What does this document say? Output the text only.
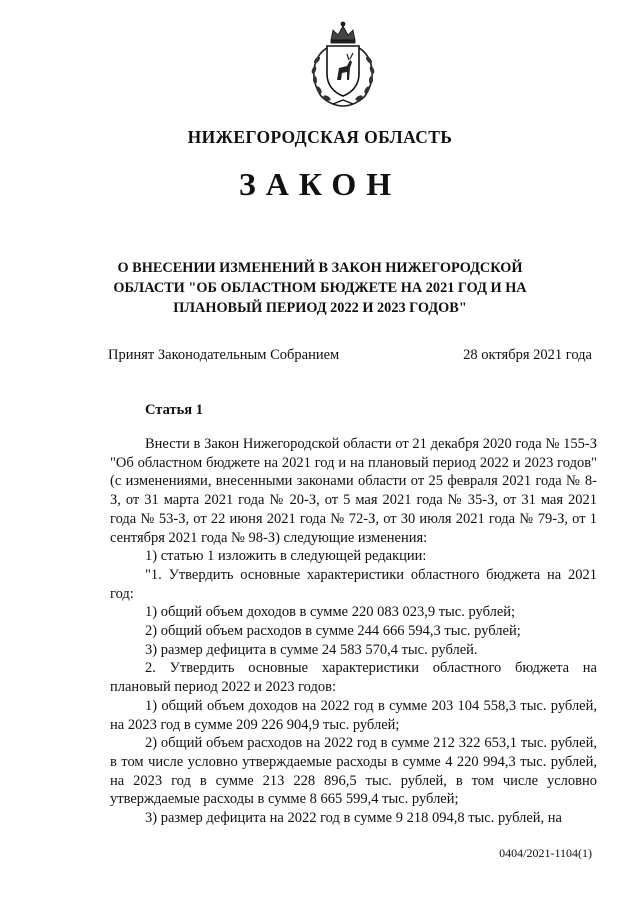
НИЖЕГОРОДСКАЯ ОБЛАСТЬ
ЗАКОН
О ВНЕСЕНИИ ИЗМЕНЕНИЙ В ЗАКОН НИЖЕГОРОДСКОЙ ОБЛАСТИ "ОБ ОБЛАСТНОМ БЮДЖЕТЕ НА 2021 ГОД И НА ПЛАНОВЫЙ ПЕРИОД 2022 И 2023 ГОДОВ"
Принят Законодательным Собранием	28 октября 2021 года
Статья 1

Внести в Закон Нижегородской области от 21 декабря 2020 года № 155-З "Об областном бюджете на 2021 год и на плановый период 2022 и 2023 годов" (с изменениями, внесенными законами области от 25 февраля 2021 года № 8-З, от 31 марта 2021 года № 20-З, от 5 мая 2021 года № 35-З, от 31 мая 2021 года № 53-З, от 22 июня 2021 года № 72-З, от 30 июля 2021 года № 79-З, от 1 сентября 2021 года № 98-З) следующие изменения:

1) статью 1 изложить в следующей редакции:

"1. Утвердить основные характеристики областного бюджета на 2021 год:

1) общий объем доходов в сумме 220 083 023,9 тыс. рублей;

2) общий объем расходов в сумме 244 666 594,3 тыс. рублей;

3) размер дефицита в сумме 24 583 570,4 тыс. рублей.

2. Утвердить основные характеристики областного бюджета на плановый период 2022 и 2023 годов:

1) общий объем доходов на 2022 год в сумме 203 104 558,3 тыс. рублей, на 2023 год в сумме 209 226 904,9 тыс. рублей;

2) общий объем расходов на 2022 год в сумме 212 322 653,1 тыс. рублей, в том числе условно утверждаемые расходы в сумме 4 220 994,3 тыс. рублей, на 2023 год в сумме 213 228 896,5 тыс. рублей, в том числе условно утверждаемые расходы в сумме 8 665 599,4 тыс. рублей;

3) размер дефицита на 2022 год в сумме 9 218 094,8 тыс. рублей, на

0404/2021-1104(1)
